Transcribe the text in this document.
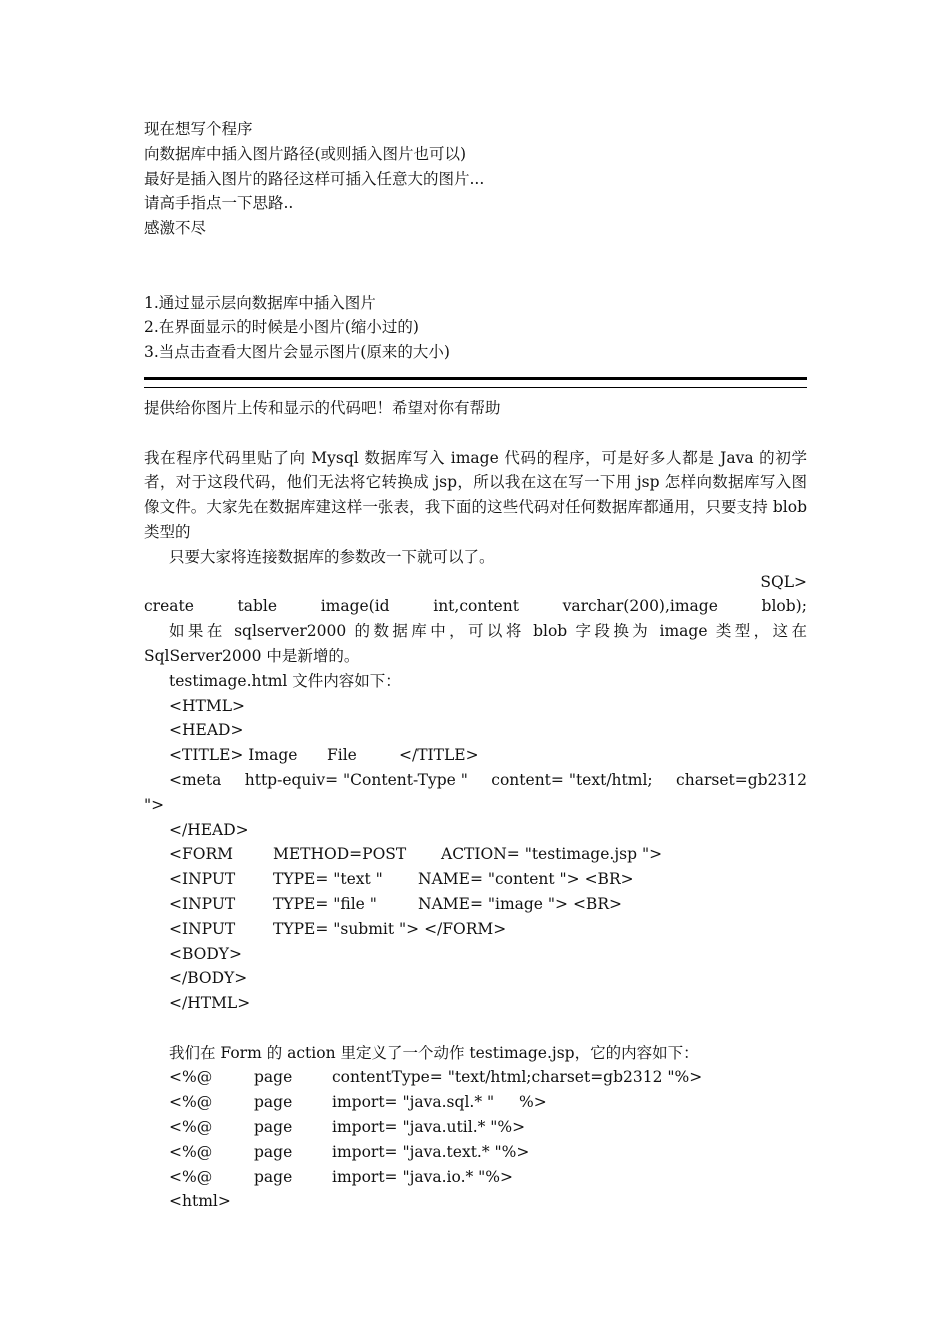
现在想写个程序
向数据库中插入图片路径(或则插入图片也可以)
最好是插入图片的路径这样可插入任意大的图片...
请高手指点一下思路..
感激不尽
1.通过显示层向数据库中插入图片
2.在界面显示的时候是小图片(缩小过的)
3.当点击查看大图片会显示图片(原来的大小)
提供给你图片上传和显示的代码吧！希望对你有帮助
我在程序代码里贴了向 Mysql 数据库写入 image 代码的程序，可是好多人都是 Java 的初学者，对于这段代码，他们无法将它转换成 jsp，所以我在这在写一下用 jsp 怎样向数据库写入图像文件。大家先在数据库建这样一张表，我下面的这些代码对任何数据库都通用，只要支持 blob 类型的
只要大家将连接数据库的参数改一下就可以了。
SQL>
create	table	image(id	int,content	varchar(200),image	blob);
如果在 sqlserver2000 的数据库中，可以将 blob 字段换为 image 类型，这在 SqlServer2000 中是新增的。
testimage.html 文件内容如下：
<HTML>
<HEAD>
<TITLE> Image	File	</TITLE>
<meta http-equiv= "Content-Type " content= "text/html; charset=gb2312
">
</HEAD>
<FORM	METHOD=POST	ACTION= "testimage.jsp ">
<INPUT	TYPE= "text "	NAME= "content "> <BR>
<INPUT	TYPE= "file "	NAME= "image "> <BR>
<INPUT	TYPE= "submit "> </FORM>
<BODY>
</BODY>
</HTML>
我们在 Form 的 action 里定义了一个动作 testimage.jsp，它的内容如下：
<%@	page	contentType= "text/html;charset=gb2312 "%>
<%@	page	import= "java.sql.* "	%>
<%@	page	import= "java.util.* "%>
<%@	page	import= "java.text.* "%>
<%@	page	import= "java.io.* "%>
<html>
